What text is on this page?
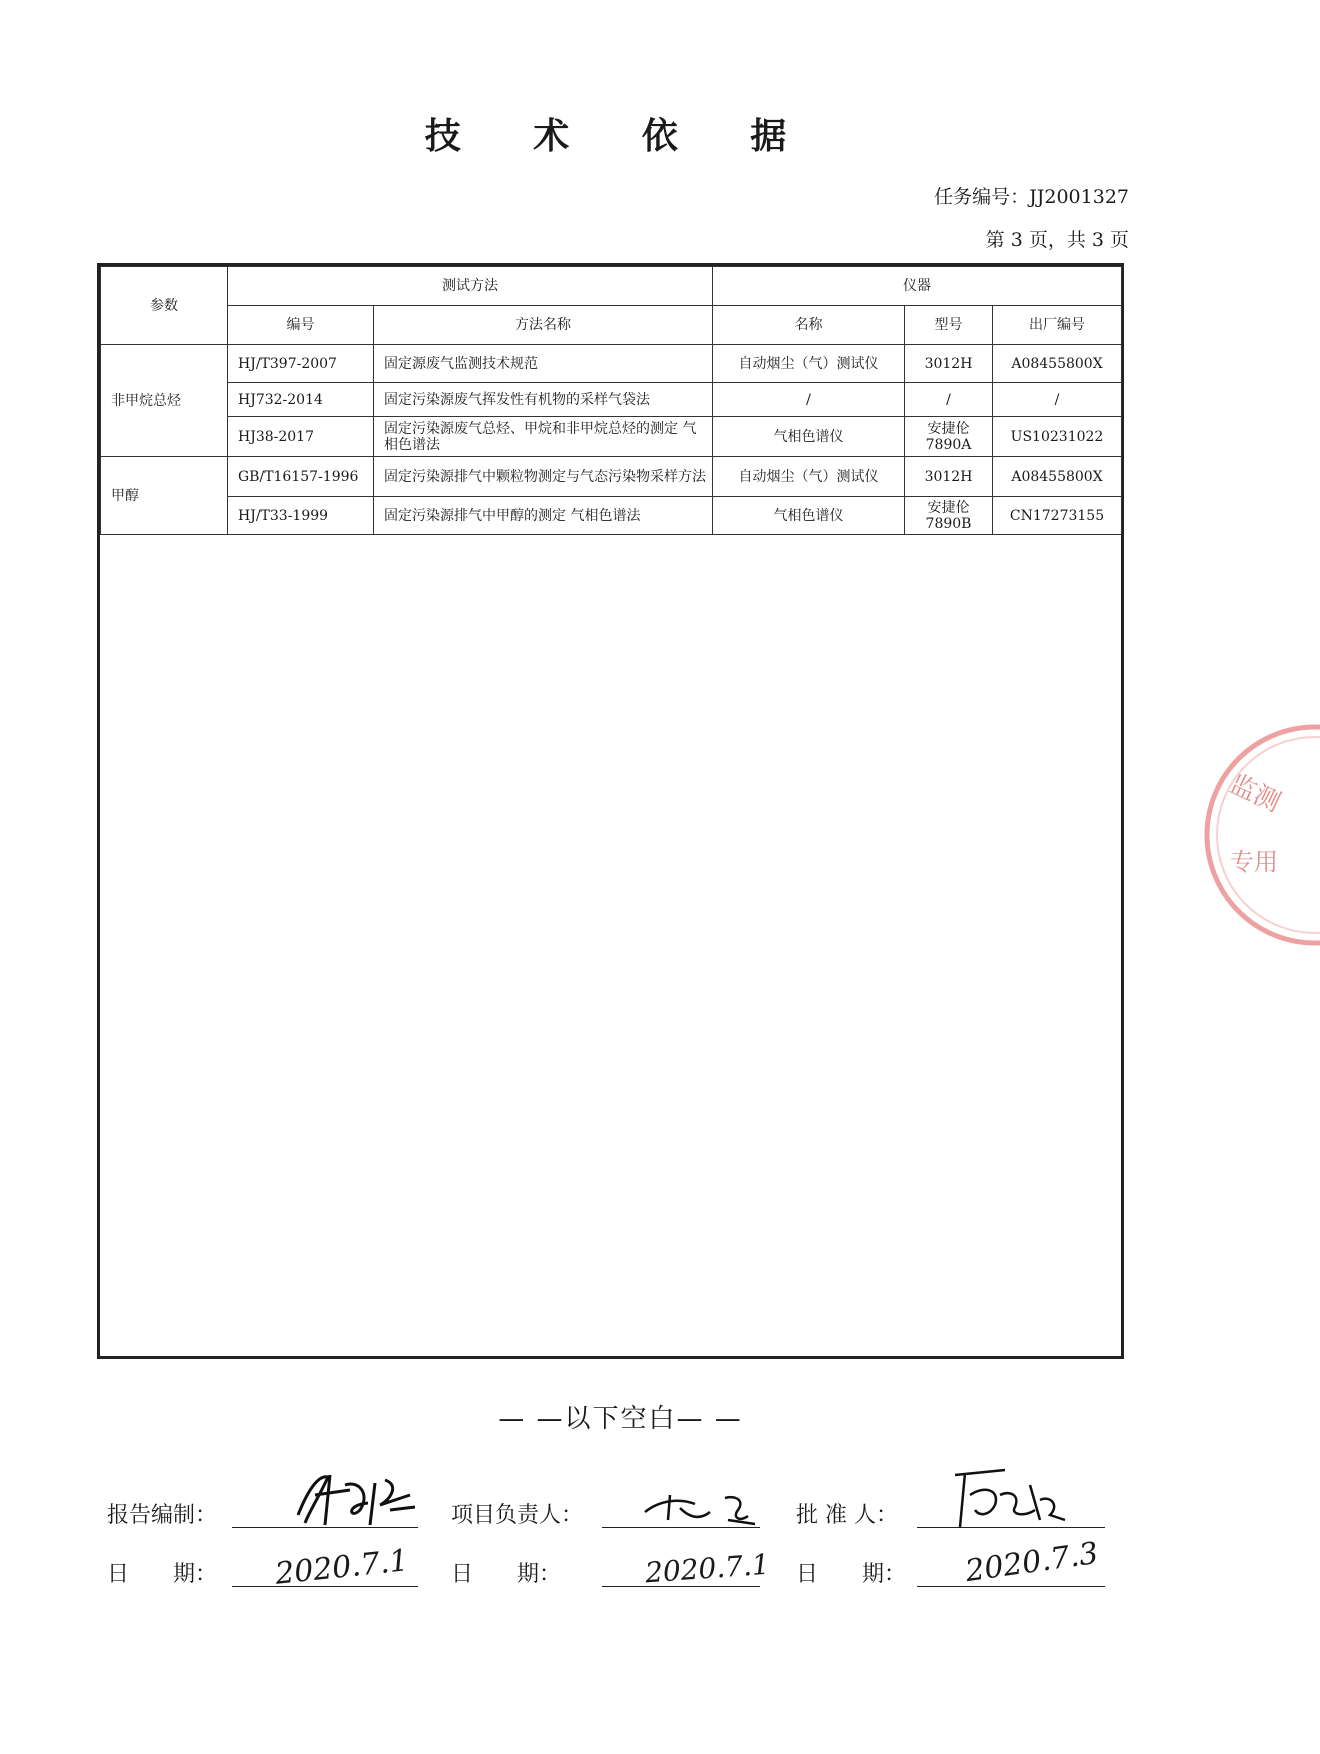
技 术 依 据
任务编号：JJ2001327
第 3 页，共 3 页
参数	测试方法		仪器		
	编号	方法名称	名称	型号	出厂编号
非甲烷总烃	HJ/T397-2007	固定源废气监测技术规范	自动烟尘（气）测试仪	3012H	A08455800X
	HJ732-2014	固定污染源废气挥发性有机物的采样气袋法	/	/	/
	HJ38-2017	固定污染源废气总烃、甲烷和非甲烷总烃的测定 气相色谱法	气相色谱仪	安捷伦 7890A	US10231022
甲醇	GB/T16157-1996	固定污染源排气中颗粒物测定与气态污染物采样方法	自动烟尘（气）测试仪	3012H	A08455800X
	HJ/T33-1999	固定污染源排气中甲醇的测定 气相色谱法	气相色谱仪	安捷伦 7890B	CN17273155
— —以下空白— —
报告编制：	项目负责人：	批 准 人：
日　　期： 2020.7.1 日　　期：	2020.7.1 日　　期： 2020.7.3
监测
专用
